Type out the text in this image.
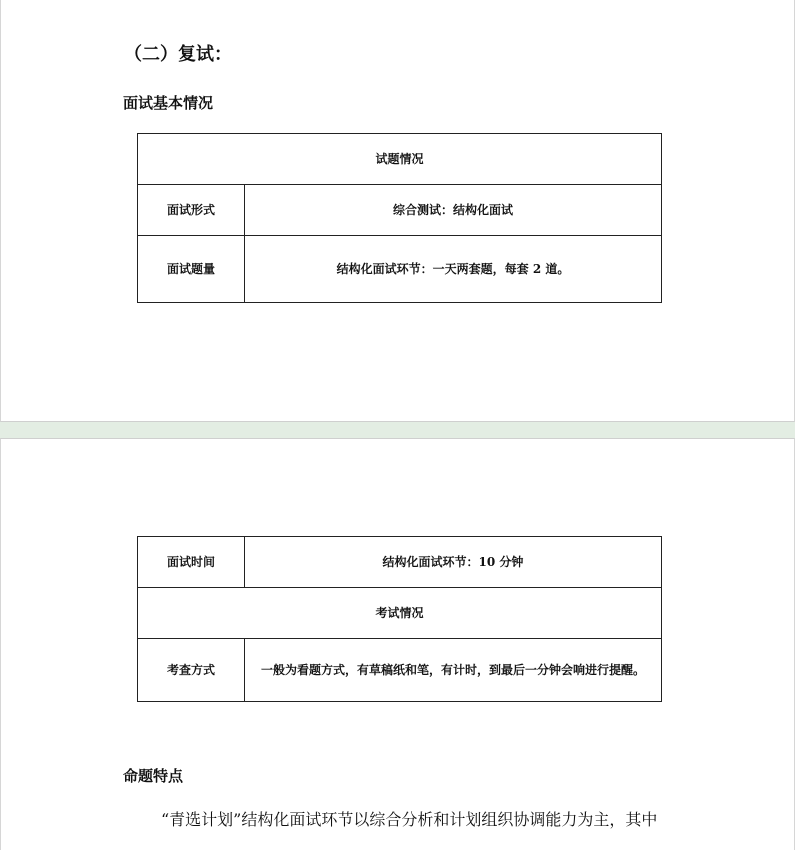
（二）复试：
面试基本情况
试题情况	
面试形式	综合测试：结构化面试
面试题量	结构化面试环节：一天两套题，每套 2 道。
面试时间	结构化面试环节：10 分钟
考试情况	
考查方式	一般为看题方式，有草稿纸和笔，有计时，到最后一分钟会响进行提醒。
命题特点
“青选计划”结构化面试环节以综合分析和计划组织协调能力为主，其中
